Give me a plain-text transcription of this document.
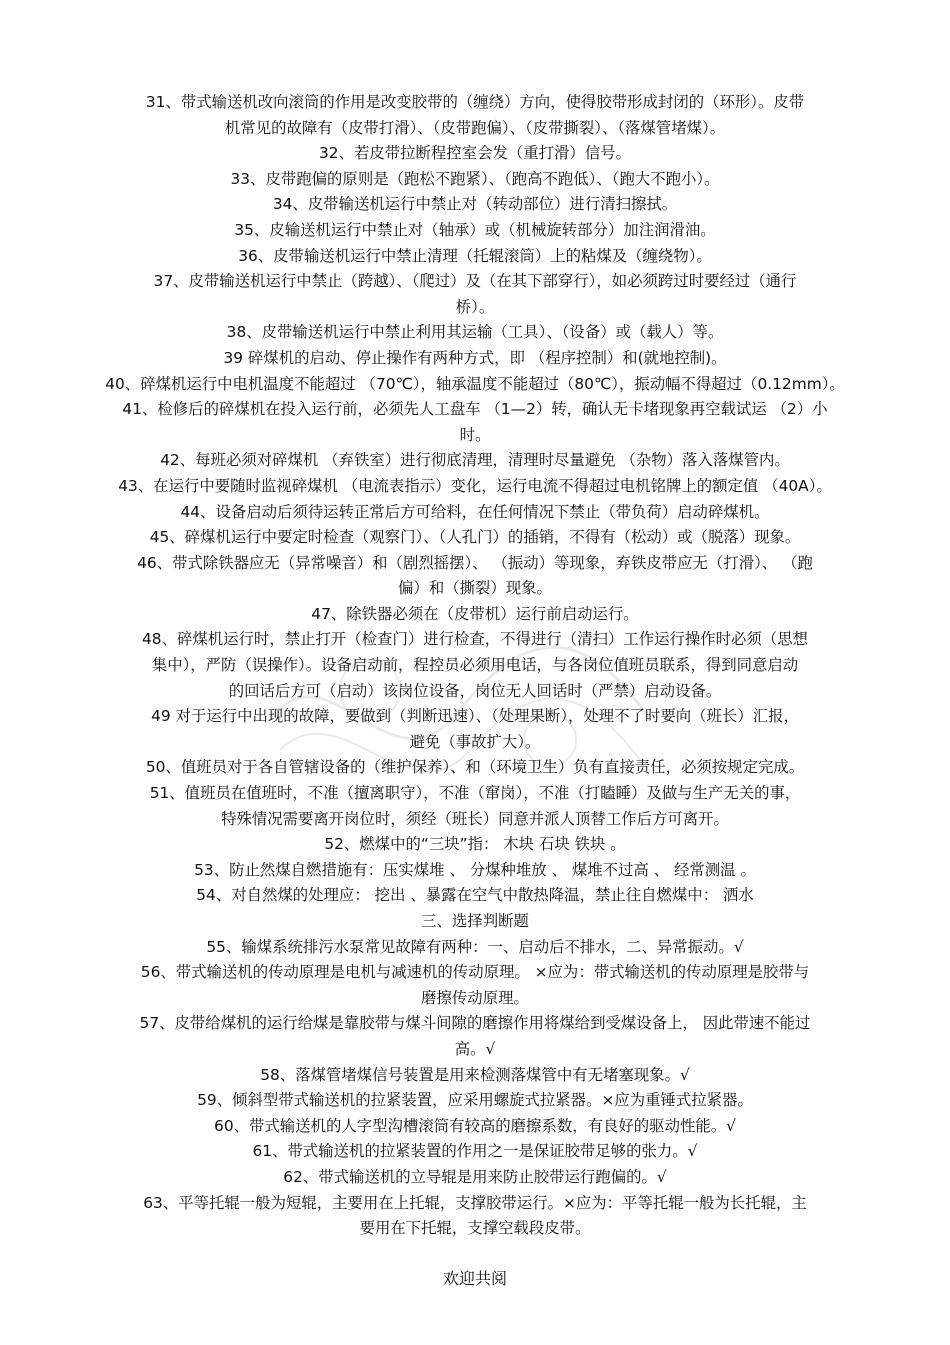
31、带式输送机改向滚筒的作用是改变胶带的（缠绕）方向，使得胶带形成封闭的（环形）。皮带
机常见的故障有（皮带打滑）、（皮带跑偏）、（皮带撕裂）、（落煤管堵煤）。
32、若皮带拉断程控室会发（重打滑）信号。
33、皮带跑偏的原则是（跑松不跑紧）、（跑高不跑低）、（跑大不跑小）。
34、皮带输送机运行中禁止对（转动部位）进行清扫擦拭。
35、皮输送机运行中禁止对（轴承）或（机械旋转部分）加注润滑油。
36、皮带输送机运行中禁止清理（托辊滚筒）上的粘煤及（缠绕物）。
37、皮带输送机运行中禁止（跨越）、（爬过）及（在其下部穿行），如必须跨过时要经过（通行
桥）。
38、皮带输送机运行中禁止利用其运输（工具）、（设备）或（载人）等。
39 碎煤机的启动、停止操作有两种方式，即 （程序控制）和(就地控制)。
40、碎煤机运行中电机温度不能超过 （70℃），轴承温度不能超过（80℃），振动幅不得超过（0.12mm）。
41、检修后的碎煤机在投入运行前，必须先人工盘车 （1—2）转，确认无卡堵现象再空载试运 （2）小
时。
42、每班必须对碎煤机 （弃铁室）进行彻底清理，清理时尽量避免 （杂物）落入落煤管内。
43、在运行中要随时监视碎煤机 （电流表指示）变化，运行电流不得超过电机铭牌上的额定值 （40A）。
44、设备启动后须待运转正常后方可给料，在任何情况下禁止（带负荷）启动碎煤机。
45、碎煤机运行中要定时检查（观察门）、（人孔门）的插销，不得有（松动）或（脱落）现象。
46、带式除铁器应无（异常噪音）和（剧烈摇摆）、 （振动）等现象，弃铁皮带应无（打滑）、 （跑
偏）和（撕裂）现象。
47、除铁器必须在（皮带机）运行前启动运行。
48、碎煤机运行时，禁止打开（检查门）进行检查，不得进行（清扫）工作运行操作时必须（思想
集中），严防（误操作）。设备启动前，程控员必须用电话，与各岗位值班员联系，得到同意启动
的回话后方可（启动）该岗位设备，岗位无人回话时（严禁）启动设备。
49 对于运行中出现的故障，要做到（判断迅速）、（处理果断），处理不了时要向（班长）汇报，
避免（事故扩大）。
50、值班员对于各自管辖设备的（维护保养）、和（环境卫生）负有直接责任，必须按规定完成。
51、值班员在值班时，不准（擅离职守），不准（窜岗），不准（打瞌睡）及做与生产无关的事，
特殊情况需要离开岗位时，须经（班长）同意并派人顶替工作后方可离开。
52、燃煤中的“三块”指： 木块 石块 铁块 。
53、防止然煤自燃措施有：压实煤堆 、 分煤种堆放 、 煤堆不过高 、 经常测温 。
54、对自然煤的处理应： 挖出 、暴露在空气中散热降温，禁止往自燃煤中： 洒水
三、选择判断题
55、输煤系统排污水泵常见故障有两种：一、启动后不排水，二、异常振动。√
56、带式输送机的传动原理是电机与减速机的传动原理。 ×应为：带式输送机的传动原理是胶带与
磨擦传动原理。
57、皮带给煤机的运行给煤是靠胶带与煤斗间隙的磨擦作用将煤给到受煤设备上， 因此带速不能过
高。√
58、落煤管堵煤信号装置是用来检测落煤管中有无堵塞现象。√
59、倾斜型带式输送机的拉紧装置，应采用螺旋式拉紧器。×应为重锤式拉紧器。
60、带式输送机的人字型沟槽滚筒有较高的磨擦系数，有良好的驱动性能。√
61、带式输送机的拉紧装置的作用之一是保证胶带足够的张力。√
62、带式输送机的立导辊是用来防止胶带运行跑偏的。√
63、平等托辊一般为短辊，主要用在上托辊，支撑胶带运行。×应为：平等托辊一般为长托辊，主
要用在下托辊，支撑空载段皮带。
欢迎共阅
